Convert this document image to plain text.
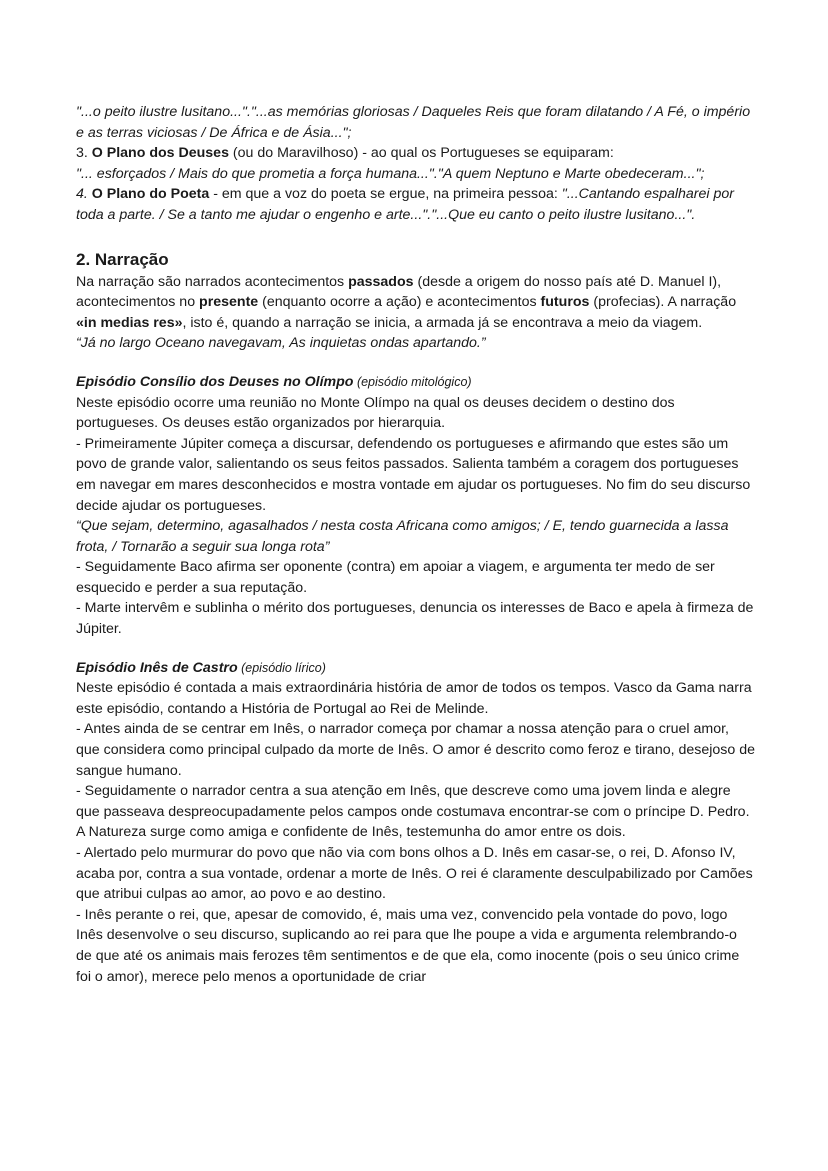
"...o peito ilustre lusitano..."."...as memórias gloriosas / Daqueles Reis que foram dilatando / A Fé, o império e as terras viciosas / De África e de Ásia...";

3. O Plano dos Deuses (ou do Maravilhoso) - ao qual os Portugueses se equiparam:

"... esforçados / Mais do que prometia a força humana..."."A quem Neptuno e Marte obedeceram...";

4. O Plano do Poeta - em que a voz do poeta se ergue, na primeira pessoa: "...Cantando espalharei por toda a parte. / Se a tanto me ajudar o engenho e arte..."."...Que eu canto o peito ilustre lusitano...".

2. Narração

Na narração são narrados acontecimentos passados (desde a origem do nosso país até D. Manuel I), acontecimentos no presente (enquanto ocorre a ação) e acontecimentos futuros (profecias). A narração «in medias res», isto é, quando a narração se inicia, a armada já se encontrava a meio da viagem.

“Já no largo Oceano navegavam, As inquietas ondas apartando.”

Episódio Consílio dos Deuses no Olímpo (episódio mitológico)

Neste episódio ocorre uma reunião no Monte Olímpo na qual os deuses decidem o destino dos portugueses. Os deuses estão organizados por hierarquia.

- Primeiramente Júpiter começa a discursar, defendendo os portugueses e afirmando que estes são um povo de grande valor, salientando os seus feitos passados. Salienta também a coragem dos portugueses em navegar em mares desconhecidos e mostra vontade em ajudar os portugueses. No fim do seu discurso decide ajudar os portugueses.

“Que sejam, determino, agasalhados / nesta costa Africana como amigos; / E, tendo guarnecida a lassa frota, / Tornarão a seguir sua longa rota”

- Seguidamente Baco afirma ser oponente (contra) em apoiar a viagem, e argumenta ter medo de ser esquecido e perder a sua reputação.

- Marte intervêm e sublinha o mérito dos portugueses, denuncia os interesses de Baco e apela à firmeza de Júpiter.

Episódio Inês de Castro (episódio lírico)

Neste episódio é contada a mais extraordinária história de amor de todos os tempos. Vasco da Gama narra este episódio, contando a História de Portugal ao Rei de Melinde.

- Antes ainda de se centrar em Inês, o narrador começa por chamar a nossa atenção para o cruel amor, que considera como principal culpado da morte de Inês. O amor é descrito como feroz e tirano, desejoso de sangue humano.

- Seguidamente o narrador centra a sua atenção em Inês, que descreve como uma jovem linda e alegre que passeava despreocupadamente pelos campos onde costumava encontrar-se com o príncipe D. Pedro. A Natureza surge como amiga e confidente de Inês, testemunha do amor entre os dois.

- Alertado pelo murmurar do povo que não via com bons olhos a D. Inês em casar-se, o rei, D. Afonso IV, acaba por, contra a sua vontade, ordenar a morte de Inês. O rei é claramente desculpabilizado por Camões que atribui culpas ao amor, ao povo e ao destino.

- Inês perante o rei, que, apesar de comovido, é, mais uma vez, convencido pela vontade do povo, logo Inês desenvolve o seu discurso, suplicando ao rei para que lhe poupe a vida e argumenta relembrando-o de que até os animais mais ferozes têm sentimentos e de que ela, como inocente (pois o seu único crime foi o amor), merece pelo menos a oportunidade de criar
